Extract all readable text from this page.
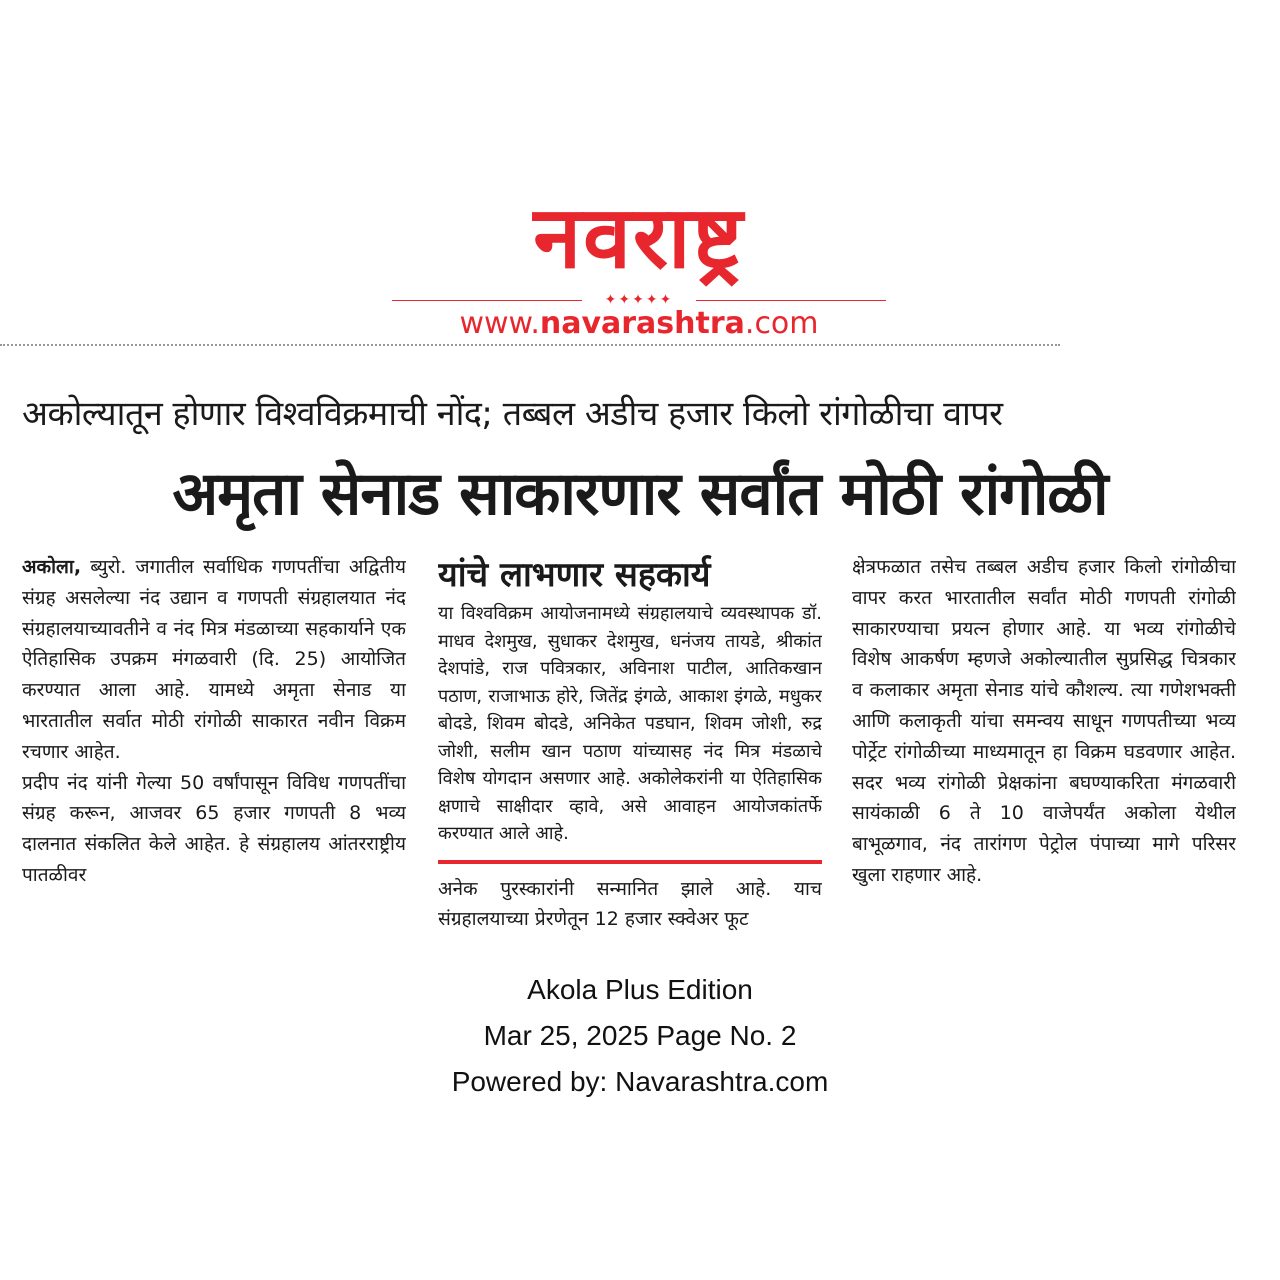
नवराष्ट्र
✦✦✦✦✦
www.navarashtra.com
अकोल्यातून होणार विश्वविक्रमाची नोंद; तब्बल अडीच हजार किलो रांगोळीचा वापर
अमृता सेनाड साकारणार सर्वांत मोठी रांगोळी

अकोला, ब्युरो. जगातील सर्वाधिक गणपतींचा अद्वितीय संग्रह असलेल्या नंद उद्यान व गणपती संग्रहालयात नंद संग्रहालयाच्यावतीने व नंद मित्र मंडळाच्या सहकार्याने एक ऐतिहासिक उपक्रम मंगळवारी (दि. 25) आयोजित करण्यात आला आहे. यामध्ये अमृता सेनाड या भारतातील सर्वात मोठी रांगोळी साकारत नवीन विक्रम रचणार आहेत.

प्रदीप नंद यांनी गेल्या 50 वर्षांपासून विविध गणपतींचा संग्रह करून, आजवर 65 हजार गणपती 8 भव्य दालनात संकलित केले आहेत. हे संग्रहालय आंतरराष्ट्रीय पातळीवर

यांचे लाभणार सहकार्य
या विश्वविक्रम आयोजनामध्ये संग्रहालयाचे व्यवस्थापक डॉ. माधव देशमुख, सुधाकर देशमुख, धनंजय तायडे, श्रीकांत देशपांडे, राज पवित्रकार, अविनाश पाटील, आतिकखान पठाण, राजाभाऊ होरे, जितेंद्र इंगळे, आकाश इंगळे, मधुकर बोदडे, शिवम बोदडे, अनिकेत पडघान, शिवम जोशी, रुद्र जोशी, सलीम खान पठाण यांच्यासह नंद मित्र मंडळाचे विशेष योगदान असणार आहे. अकोलेकरांनी या ऐतिहासिक क्षणाचे साक्षीदार व्हावे, असे आवाहन आयोजकांतर्फे करण्यात आले आहे.
अनेक पुरस्कारांनी सन्मानित झाले आहे. याच संग्रहालयाच्या प्रेरणेतून 12 हजार स्क्वेअर फूट

क्षेत्रफळात तसेच तब्बल अडीच हजार किलो रांगोळीचा वापर करत भारतातील सर्वांत मोठी गणपती रांगोळी साकारण्याचा प्रयत्न होणार आहे. या भव्य रांगोळीचे विशेष आकर्षण म्हणजे अकोल्यातील सुप्रसिद्ध चित्रकार व कलाकार अमृता सेनाड यांचे कौशल्य. त्या गणेशभक्ती आणि कलाकृती यांचा समन्वय साधून गणपतीच्या भव्य पोर्ट्रेट रांगोळीच्या माध्यमातून हा विक्रम घडवणार आहेत. सदर भव्य रांगोळी प्रेक्षकांना बघण्याकरिता मंगळवारी सायंकाळी 6 ते 10 वाजेपर्यंत अकोला येथील बाभूळगाव, नंद तारांगण पेट्रोल पंपाच्या मागे परिसर खुला राहणार आहे.

Akola Plus Edition
Mar 25, 2025 Page No. 2
Powered by: Navarashtra.com
